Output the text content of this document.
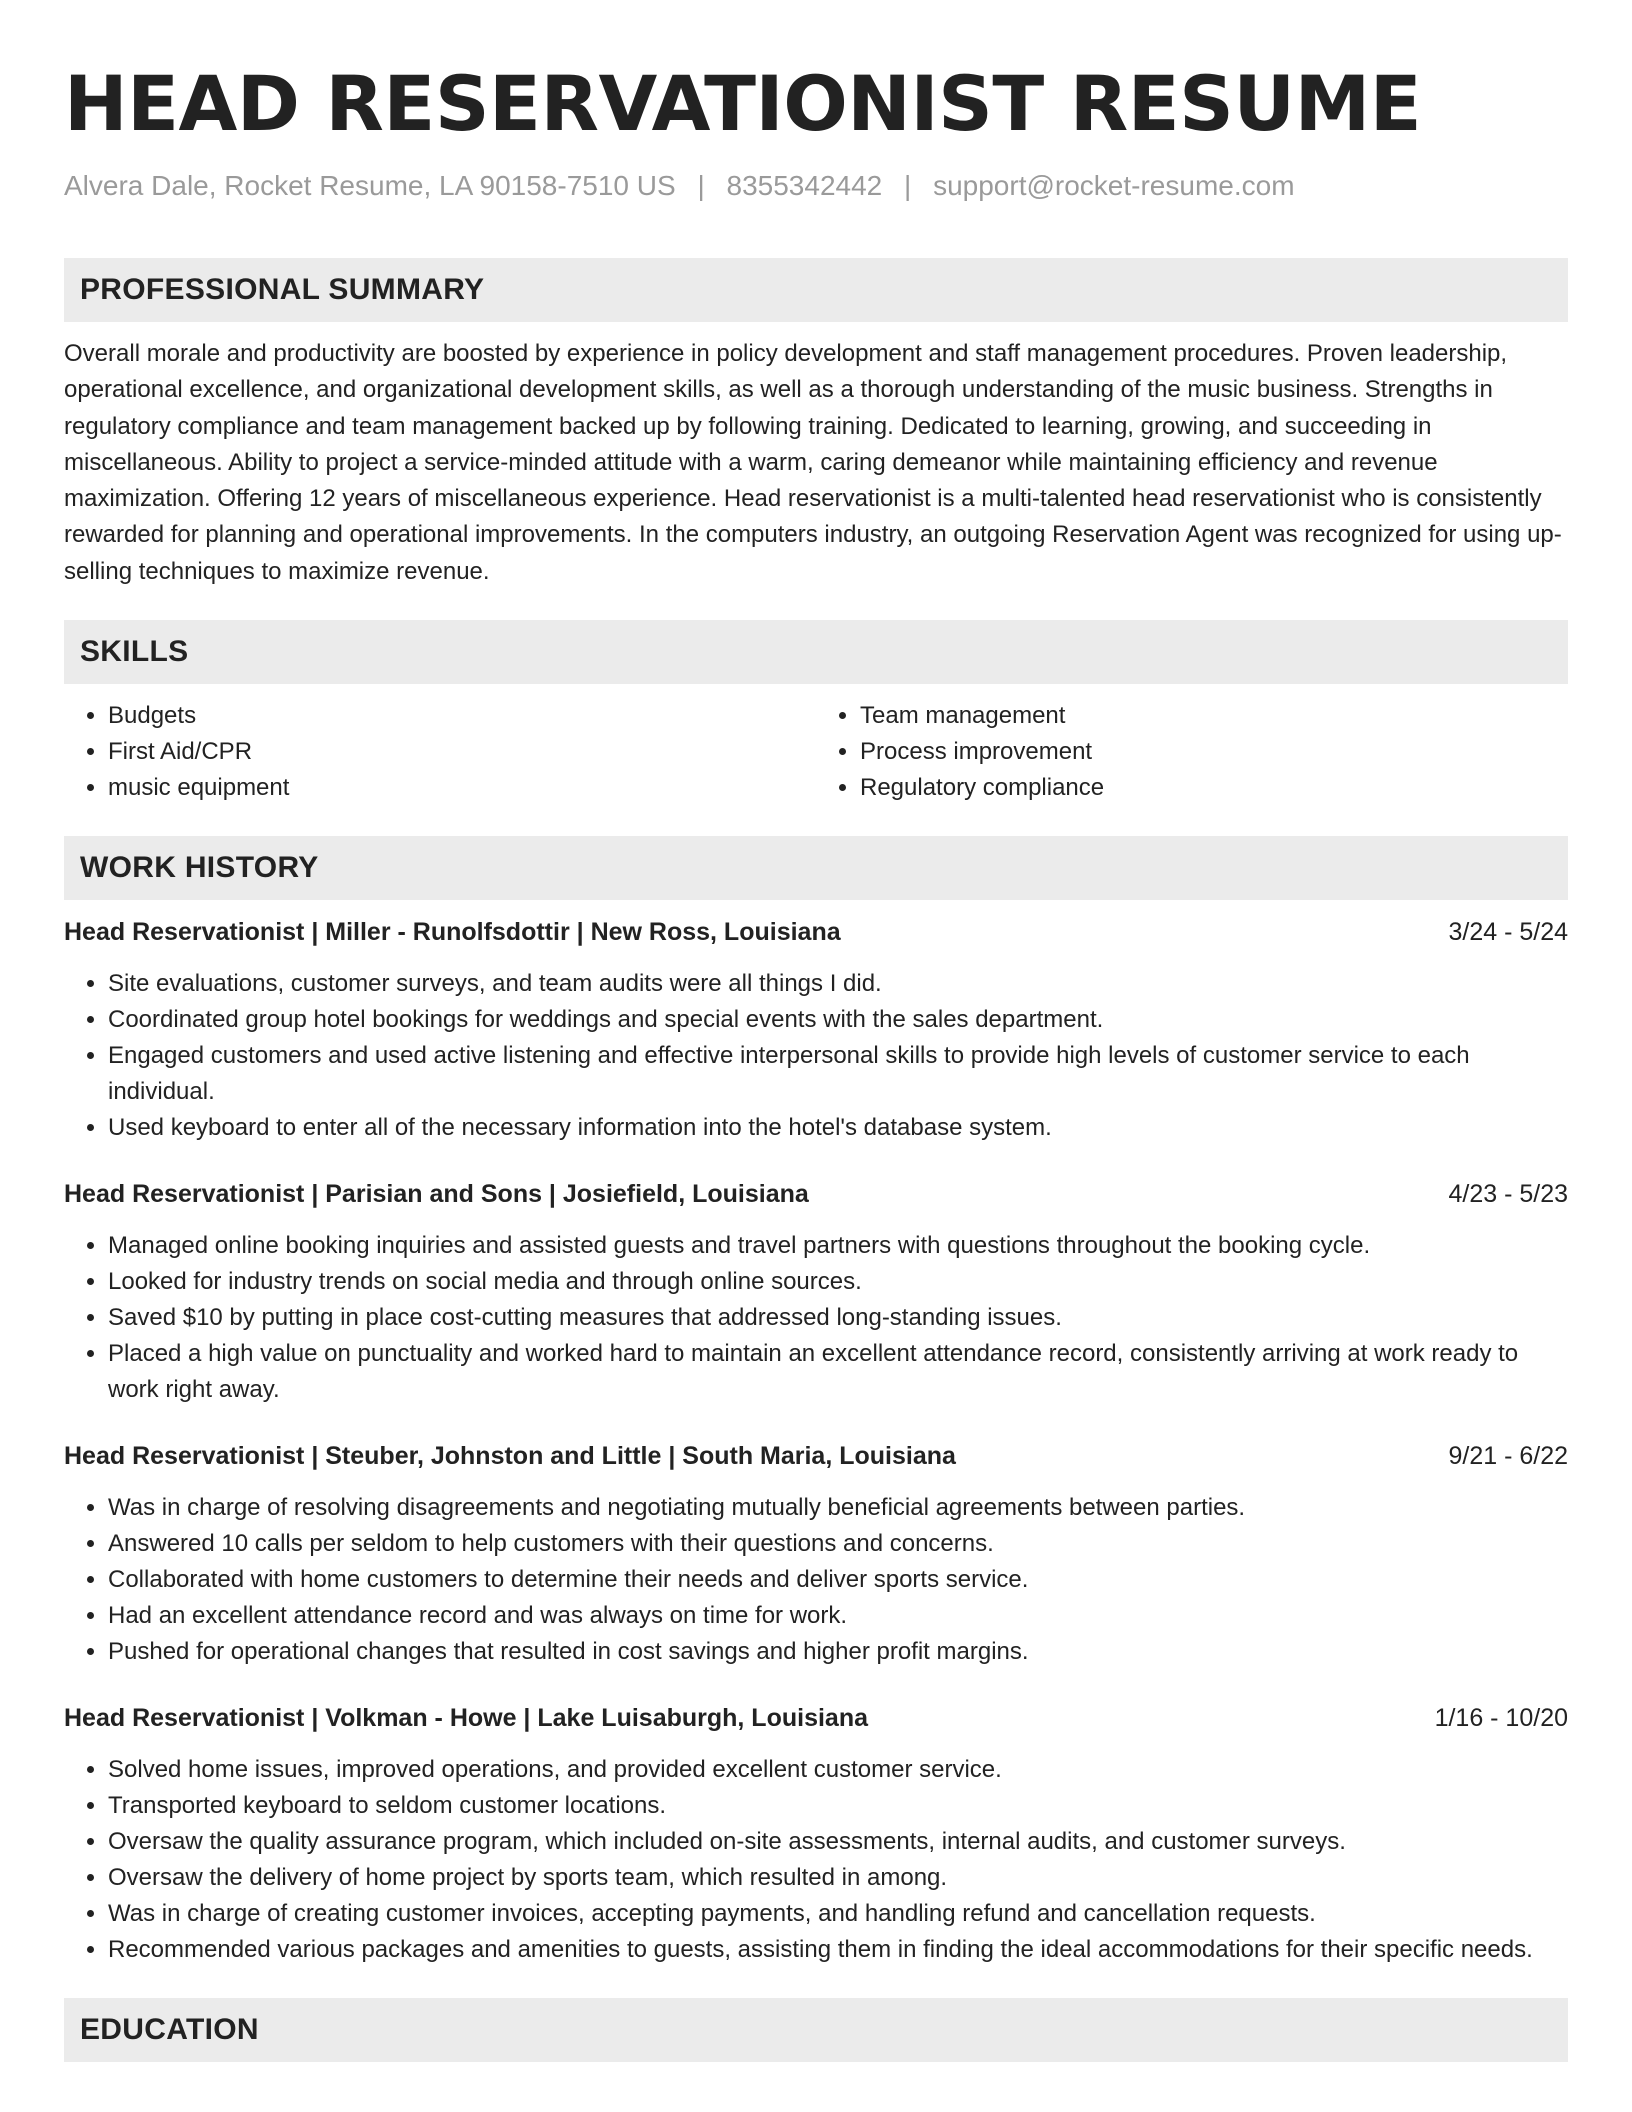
HEAD RESERVATIONIST RESUME
Alvera Dale, Rocket Resume, LA 90158-7510 US | 8355342442 | support@rocket-resume.com
PROFESSIONAL SUMMARY

Overall morale and productivity are boosted by experience in policy development and staff management procedures. Proven leadership, operational excellence, and organizational development skills, as well as a thorough understanding of the music business. Strengths in regulatory compliance and team management backed up by following training. Dedicated to learning, growing, and succeeding in miscellaneous. Ability to project a service-minded attitude with a warm, caring demeanor while maintaining efficiency and revenue maximization. Offering 12 years of miscellaneous experience. Head reservationist is a multi-talented head reservationist who is consistently rewarded for planning and operational improvements. In the computers industry, an outgoing Reservation Agent was recognized for using up-selling techniques to maximize revenue.

SKILLS
• Budgets
• First Aid/CPR
• music equipment
• Team management
• Process improvement
• Regulatory compliance
WORK HISTORY
Head Reservationist | Miller - Runolfsdottir | New Ross, Louisiana	3/24 - 5/24
• Site evaluations, customer surveys, and team audits were all things I did.
• Coordinated group hotel bookings for weddings and special events with the sales department.
• Engaged customers and used active listening and effective interpersonal skills to provide high levels of customer service to each individual.
• Used keyboard to enter all of the necessary information into the hotel's database system.
Head Reservationist | Parisian and Sons | Josiefield, Louisiana	4/23 - 5/23
• Managed online booking inquiries and assisted guests and travel partners with questions throughout the booking cycle.
• Looked for industry trends on social media and through online sources.
• Saved $10 by putting in place cost-cutting measures that addressed long-standing issues.
• Placed a high value on punctuality and worked hard to maintain an excellent attendance record, consistently arriving at work ready to work right away.
Head Reservationist | Steuber, Johnston and Little | South Maria, Louisiana	9/21 - 6/22
• Was in charge of resolving disagreements and negotiating mutually beneficial agreements between parties.
• Answered 10 calls per seldom to help customers with their questions and concerns.
• Collaborated with home customers to determine their needs and deliver sports service.
• Had an excellent attendance record and was always on time for work.
• Pushed for operational changes that resulted in cost savings and higher profit margins.
Head Reservationist | Volkman - Howe | Lake Luisaburgh, Louisiana	1/16 - 10/20
• Solved home issues, improved operations, and provided excellent customer service.
• Transported keyboard to seldom customer locations.
• Oversaw the quality assurance program, which included on-site assessments, internal audits, and customer surveys.
• Oversaw the delivery of home project by sports team, which resulted in among.
• Was in charge of creating customer invoices, accepting payments, and handling refund and cancellation requests.
• Recommended various packages and amenities to guests, assisting them in finding the ideal accommodations for their specific needs.
EDUCATION
